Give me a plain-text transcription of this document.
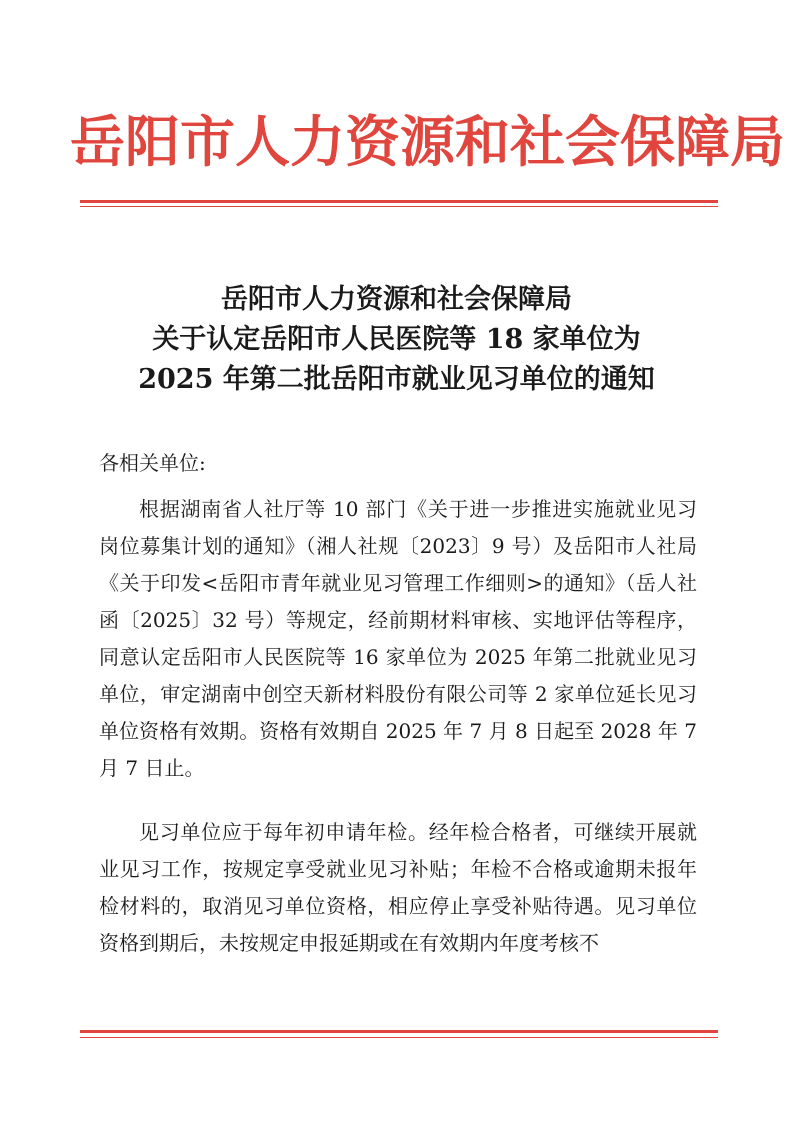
岳阳市人力资源和社会保障局
岳阳市人力资源和社会保障局
关于认定岳阳市人民医院等 18 家单位为
2025 年第二批岳阳市就业见习单位的通知
各相关单位:

根据湖南省人社厅等 10 部门《关于进一步推进实施就业见习岗位募集计划的通知》（湘人社规〔2023〕9 号）及岳阳市人社局《关于印发<岳阳市青年就业见习管理工作细则>的通知》（岳人社函〔2025〕32 号）等规定，经前期材料审核、实地评估等程序，同意认定岳阳市人民医院等 16 家单位为 2025 年第二批就业见习单位，审定湖南中创空天新材料股份有限公司等 2 家单位延长见习单位资格有效期。资格有效期自 2025 年 7 月 8 日起至 2028 年 7 月 7 日止。

见习单位应于每年初申请年检。经年检合格者，可继续开展就业见习工作，按规定享受就业见习补贴；年检不合格或逾期未报年检材料的，取消见习单位资格，相应停止享受补贴待遇。见习单位资格到期后，未按规定申报延期或在有效期内年度考核不
